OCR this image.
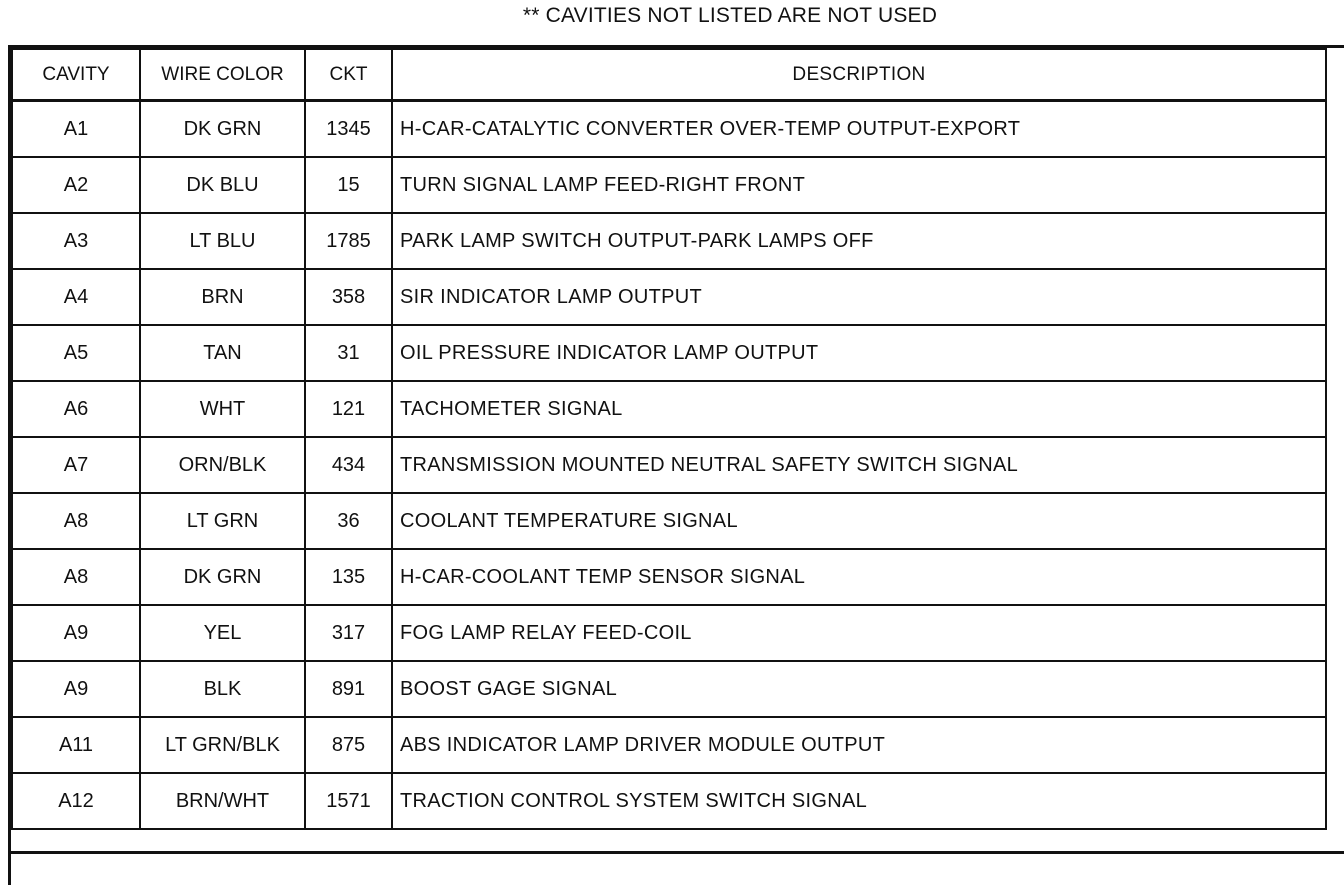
** CAVITIES NOT LISTED ARE NOT USED
CAVITY	WIRE COLOR	CKT	DESCRIPTION
A1	DK GRN	1345	H-CAR-CATALYTIC CONVERTER OVER-TEMP OUTPUT-EXPORT
A2	DK BLU	15	TURN SIGNAL LAMP FEED-RIGHT FRONT
A3	LT BLU	1785	PARK LAMP SWITCH OUTPUT-PARK LAMPS OFF
A4	BRN	358	SIR INDICATOR LAMP OUTPUT
A5	TAN	31	OIL PRESSURE INDICATOR LAMP OUTPUT
A6	WHT	121	TACHOMETER SIGNAL
A7	ORN/BLK	434	TRANSMISSION MOUNTED NEUTRAL SAFETY SWITCH SIGNAL
A8	LT GRN	36	COOLANT TEMPERATURE SIGNAL
A8	DK GRN	135	H-CAR-COOLANT TEMP SENSOR SIGNAL
A9	YEL	317	FOG LAMP RELAY FEED-COIL
A9	BLK	891	BOOST GAGE SIGNAL
A11	LT GRN/BLK	875	ABS INDICATOR LAMP DRIVER MODULE OUTPUT
A12	BRN/WHT	1571	TRACTION CONTROL SYSTEM SWITCH SIGNAL
